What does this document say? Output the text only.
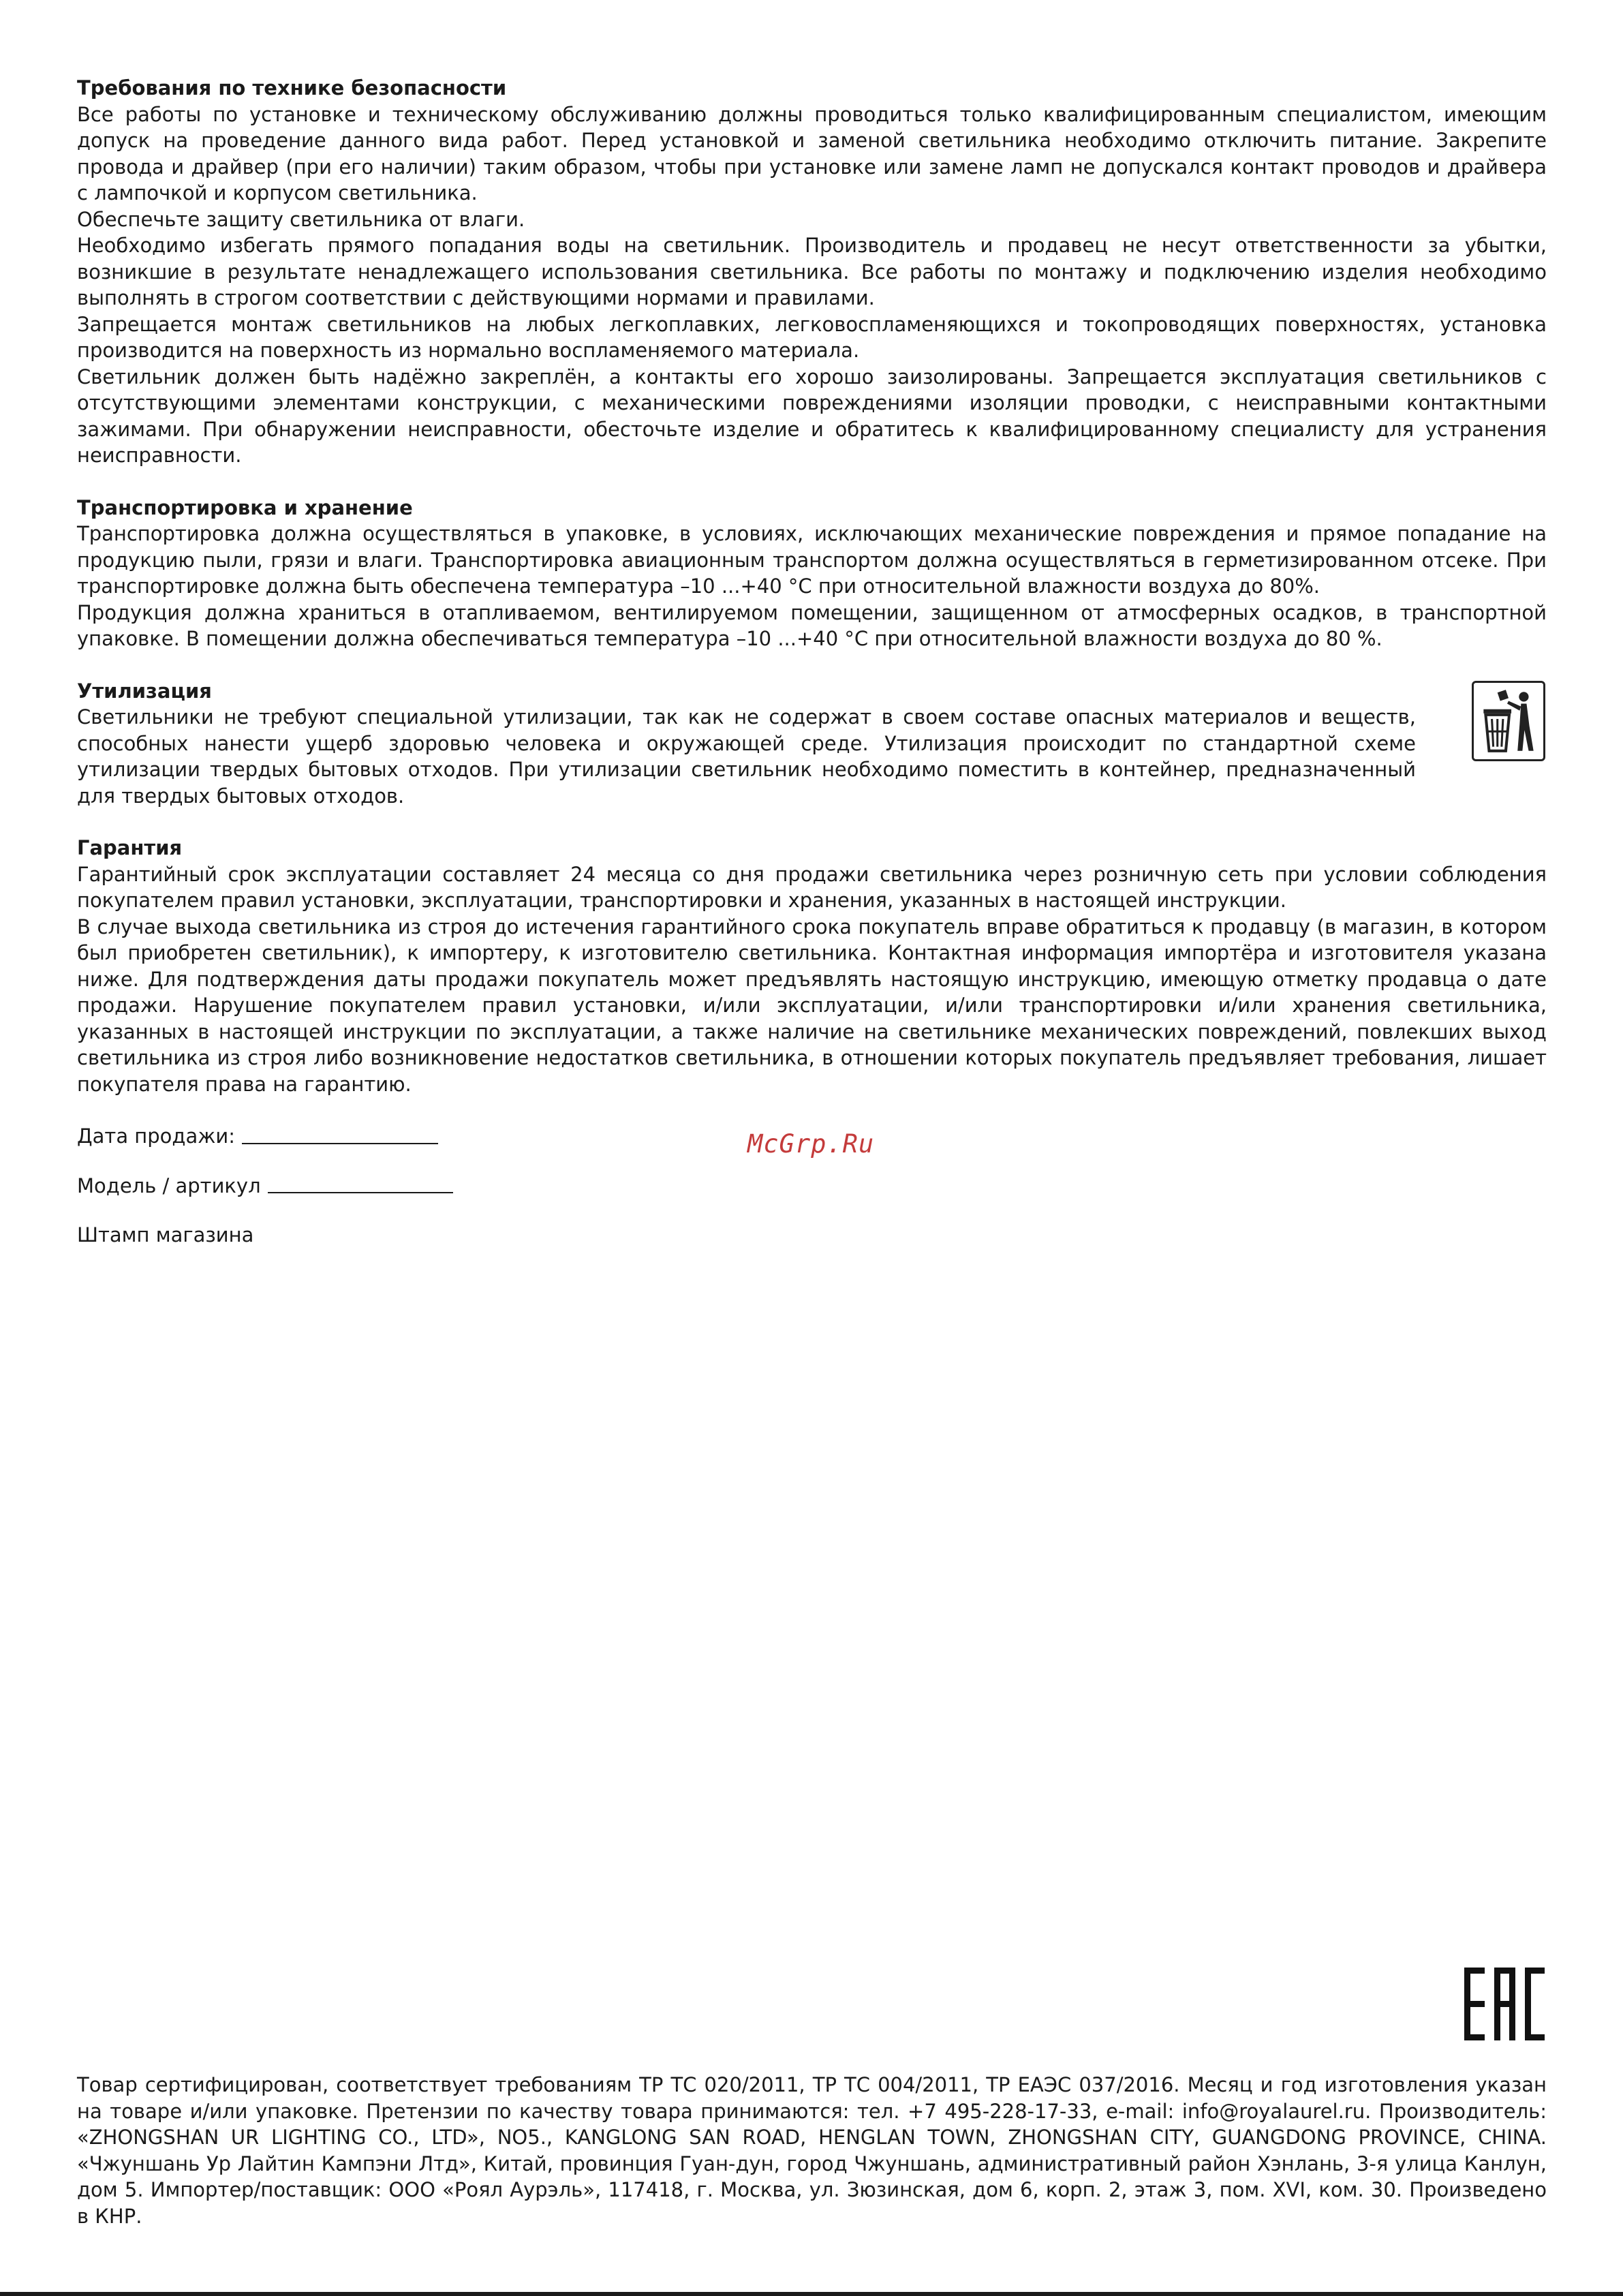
Требования по технике безопасности

Все работы по установке и техническому обслуживанию должны проводиться только квалифицированным специалистом, имеющим допуск на проведение данного вида работ. Перед установкой и заменой светильника необходимо отключить питание. Закрепите провода и драйвер (при его наличии) таким образом, чтобы при установке или замене ламп не допускался контакт проводов и драйвера с лампочкой и корпусом светильника.

Обеспечьте защиту светильника от влаги.

Необходимо избегать прямого попадания воды на светильник. Производитель и продавец не несут ответственности за убытки, возникшие в результате ненадлежащего использования светильника. Все работы по монтажу и подключению изделия необходимо выполнять в строгом соответствии с действующими нормами и правилами.

Запрещается монтаж светильников на любых легкоплавких, легковоспламеняющихся и токопроводящих поверхностях, установка производится на поверхность из нормально воспламеняемого материала.

Светильник должен быть надёжно закреплён, а контакты его хорошо заизолированы. Запрещается эксплуатация светильников с отсутствующими элементами конструкции, с механическими повреждениями изоляции проводки, с неисправными контактными зажимами. При обнаружении неисправности, обесточьте изделие и обратитесь к квалифицированному специалисту для устранения неисправности.

Транспортировка и хранение

Транспортировка должна осуществляться в упаковке, в условиях, исключающих механические повреждения и прямое попадание на продукцию пыли, грязи и влаги. Транспортировка авиационным транспортом должна осуществляться в герметизированном отсеке. При транспортировке должна быть обеспечена температура –10 ...+40 °С при относительной влажности воздуха до 80%.

Продукция должна храниться в отапливаемом, вентилируемом помещении, защищенном от атмосферных осадков, в транспортной упаковке. В помещении должна обеспечиваться температура –10 ...+40 °С при относительной влажности воздуха до 80 %.

Утилизация

Светильники не требуют специальной утилизации, так как не содержат в своем составе опасных материалов и веществ, способных нанести ущерб здоровью человека и окружающей среде. Утилизация происходит по стандартной схеме утилизации твердых бытовых отходов. При утилизации светильник необходимо поместить в контейнер, предназначенный для твердых бытовых отходов.

Гарантия

Гарантийный срок эксплуатации составляет 24 месяца со дня продажи светильника через розничную сеть при условии соблюдения покупателем правил установки, эксплуатации, транспортировки и хранения, указанных в настоящей инструкции.

В случае выхода светильника из строя до истечения гарантийного срока покупатель вправе обратиться к продавцу (в магазин, в котором был приобретен светильник), к импортеру, к изготовителю светильника. Контактная информация импортёра и изготовителя указана ниже. Для подтверждения даты продажи покупатель может предъявлять настоящую инструкцию, имеющую отметку продавца о дате продажи. Нарушение покупателем правил установки, и/или эксплуатации, и/или транспортировки и/или хранения светильника, указанных в настоящей инструкции по эксплуатации, а также наличие на светильнике механических повреждений, повлекших выход светильника из строя либо возникновение недостатков светильника, в отношении которых покупатель предъявляет требования, лишает покупателя права на гарантию.

Дата продажи:
Модель / артикул
Штамп магазина
McGrp.Ru

Товар сертифицирован, соответствует требованиям ТР ТС 020/2011, ТР ТС 004/2011, ТР ЕАЭС 037/2016. Месяц и год изготовления указан на товаре и/или упаковке. Претензии по качеству товара принимаются: тел. +7 495-228-17-33, e-mail: info@royalaurel.ru. Производитель: «ZHONGSHAN UR LIGHTING CO., LTD», NO5., KANGLONG SAN ROAD, HENGLAN TOWN, ZHONGSHAN CITY, GUANGDONG PROVINCE, CHINA. «Чжуншань Ур Лайтин Кампэни Лтд», Китай, провинция Гуан-дун, город Чжуншань, административный район Хэнлань, 3-я улица Канлун, дом 5. Импортер/поставщик: ООО «Роял Аурэль», 117418, г. Москва, ул. Зюзинская, дом 6, корп. 2, этаж 3, пом. XVI, ком. 30. Произведено в КНР.
